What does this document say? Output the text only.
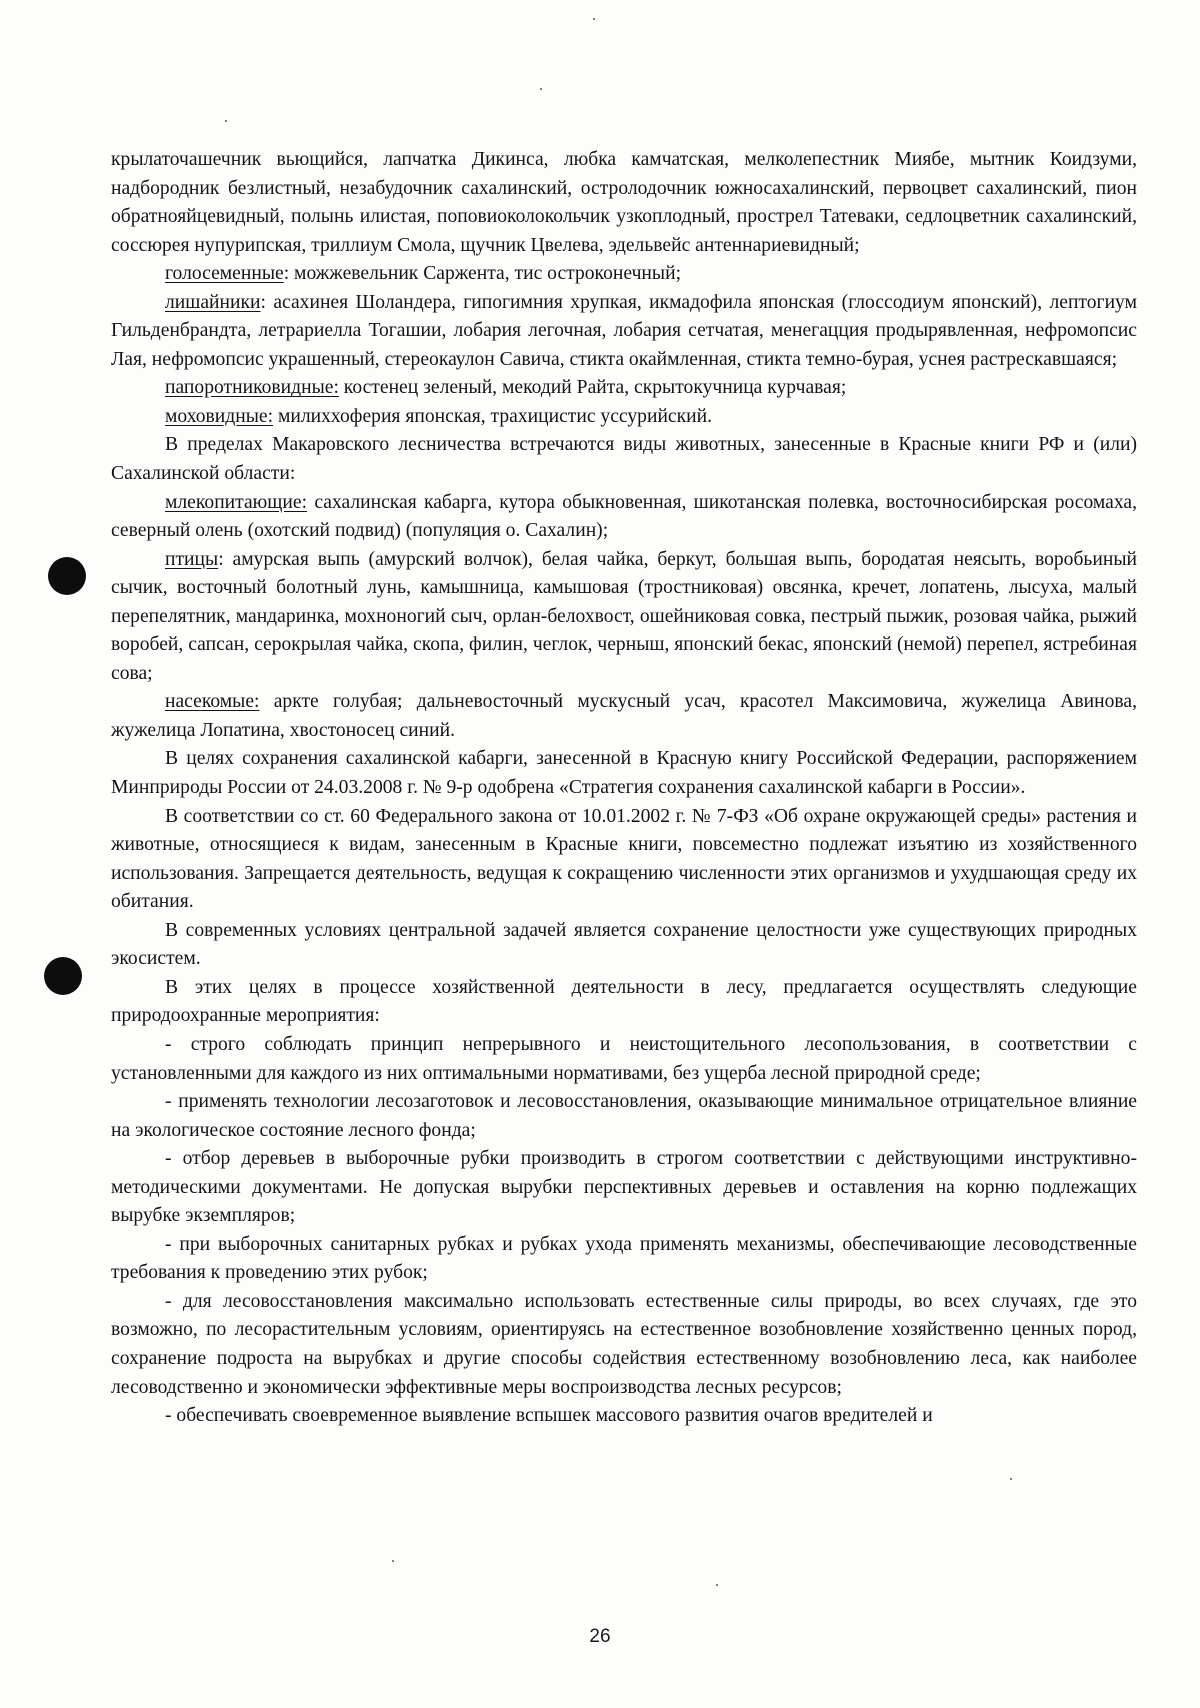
крылаточашечник вьющийся, лапчатка Дикинса, любка камчатская, мелколепестник Миябе, мытник Коидзуми, надбородник безлистный, незабудочник сахалинский, остролодочник южносахалинский, первоцвет сахалинский, пион обратнояйцевидный, полынь илистая, поповиоколокольчик узкоплодный, прострел Татеваки, седлоцветник сахалинский, соссюрея нупурипская, триллиум Смола, щучник Цвелева, эдельвейс антеннариевидный;

голосеменные: можжевельник Саржента, тис остроконечный;

лишайники: асахинея Шоландера, гипогимния хрупкая, икмадофила японская (глоссодиум японский), лептогиум Гильденбрандта, летрариелла Тогашии, лобария легочная, лобария сетчатая, менегацция продырявленная, нефромопсис Лая, нефромопсис украшенный, стереокаулон Савича, стикта окаймленная, стикта темно-бурая, уснея растрескавшаяся;

папоротниковидные: костенец зеленый, мекодий Райта, скрытокучница курчавая;

моховидные: милиххоферия японская, трахицистис уссурийский.

В пределах Макаровского лесничества встречаются виды животных, занесенные в Красные книги РФ и (или) Сахалинской области:

млекопитающие: сахалинская кабарга, кутора обыкновенная, шикотанская полевка, восточносибирская росомаха, северный олень (охотский подвид) (популяция о. Сахалин);

птицы: амурская выпь (амурский волчок), белая чайка, беркут, большая выпь, бородатая неясыть, воробьиный сычик, восточный болотный лунь, камышница, камышовая (тростниковая) овсянка, кречет, лопатень, лысуха, малый перепелятник, мандаринка, мохноногий сыч, орлан-белохвост, ошейниковая совка, пестрый пыжик, розовая чайка, рыжий воробей, сапсан, серокрылая чайка, скопа, филин, чеглок, черныш, японский бекас, японский (немой) перепел, ястребиная сова;

насекомые: аркте голубая; дальневосточный мускусный усач, красотел Максимовича, жужелица Авинова, жужелица Лопатина, хвостоносец синий.

В целях сохранения сахалинской кабарги, занесенной в Красную книгу Российской Федерации, распоряжением Минприроды России от 24.03.2008 г. № 9-р одобрена «Стратегия сохранения сахалинской кабарги в России».

В соответствии со ст. 60 Федерального закона от 10.01.2002 г. № 7-ФЗ «Об охране окружающей среды» растения и животные, относящиеся к видам, занесенным в Красные книги, повсеместно подлежат изъятию из хозяйственного использования. Запрещается деятельность, ведущая к сокращению численности этих организмов и ухудшающая среду их обитания.

В современных условиях центральной задачей является сохранение целостности уже существующих природных экосистем.

В этих целях в процессе хозяйственной деятельности в лесу, предлагается осуществлять следующие природоохранные мероприятия:

- строго соблюдать принцип непрерывного и неистощительного лесопользования, в соответствии с установленными для каждого из них оптимальными нормативами, без ущерба лесной природной среде;

- применять технологии лесозаготовок и лесовосстановления, оказывающие минимальное отрицательное влияние на экологическое состояние лесного фонда;

- отбор деревьев в выборочные рубки производить в строгом соответствии с действующими инструктивно-методическими документами. Не допуская вырубки перспективных деревьев и оставления на корню подлежащих вырубке экземпляров;

- при выборочных санитарных рубках и рубках ухода применять механизмы, обеспечивающие лесоводственные требования к проведению этих рубок;

- для лесовосстановления максимально использовать естественные силы природы, во всех случаях, где это возможно, по лесорастительным условиям, ориентируясь на естественное возобновление хозяйственно ценных пород, сохранение подроста на вырубках и другие способы содействия естественному возобновлению леса, как наиболее лесоводственно и экономически эффективные меры воспроизводства лесных ресурсов;

- обеспечивать своевременное выявление вспышек массового развития очагов вредителей и

26
